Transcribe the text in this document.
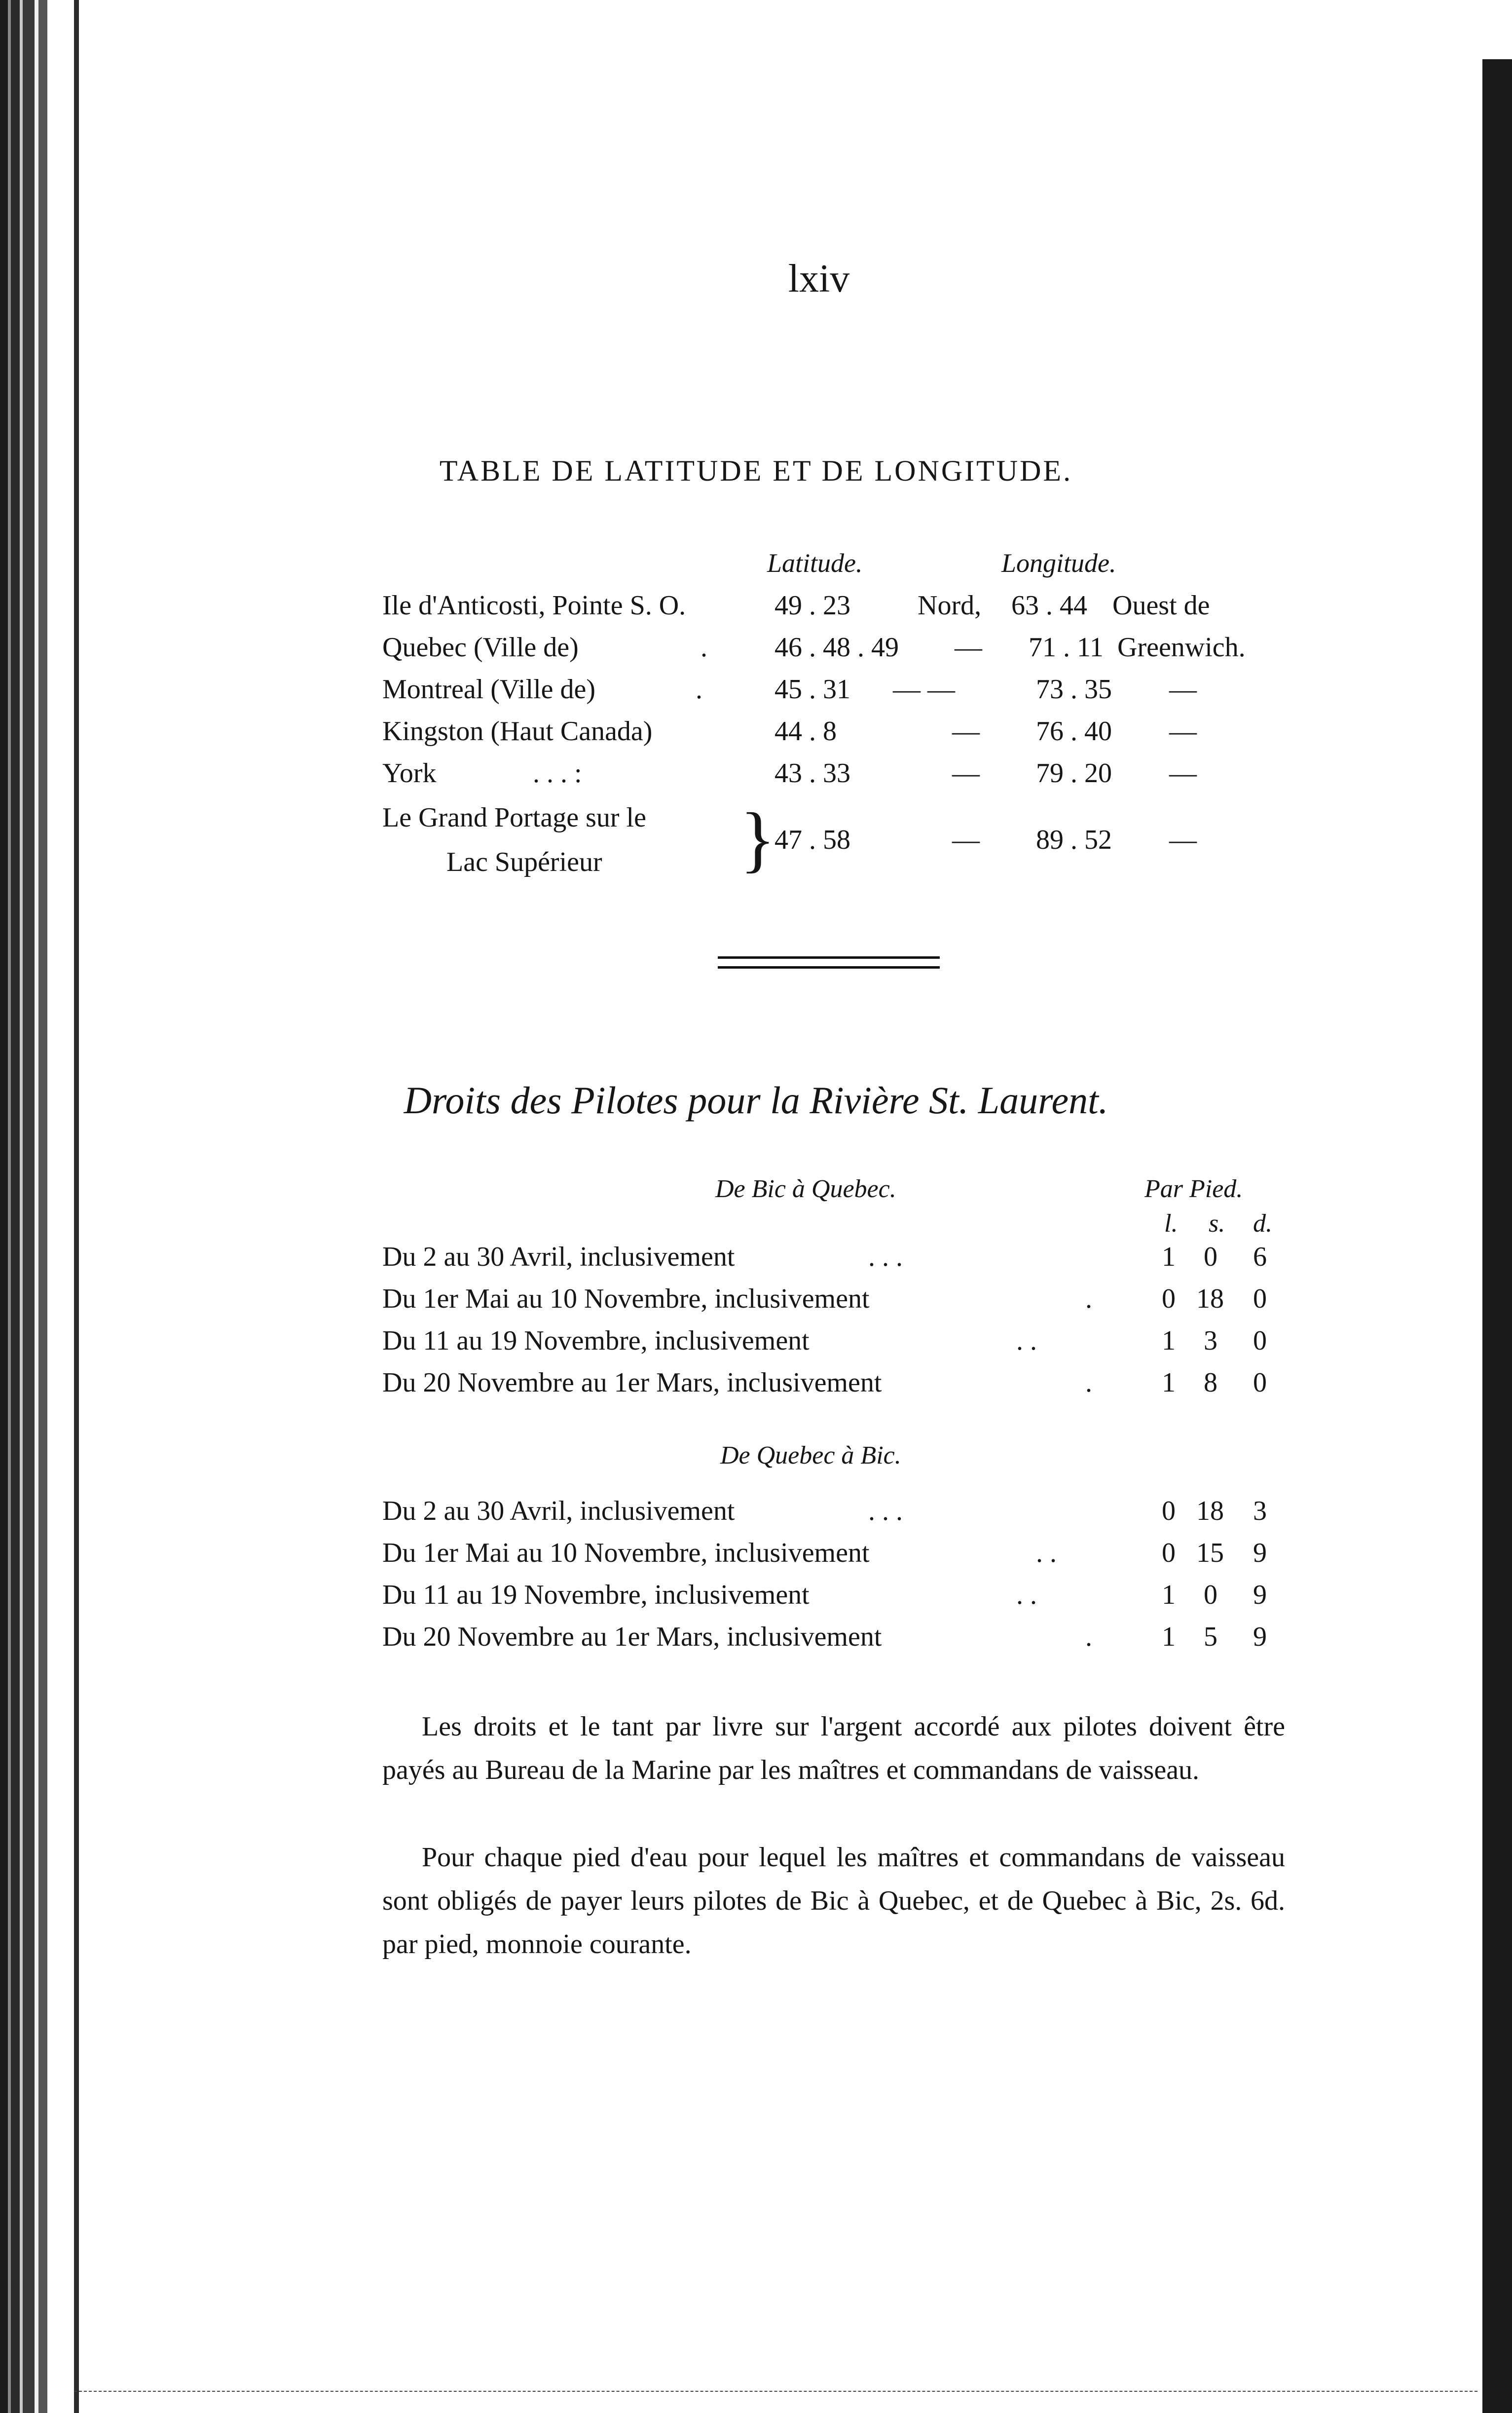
lxiv
TABLE DE LATITUDE ET DE LONGITUDE.
Latitude.	Longitude.
Ile d'Anticosti, Pointe S. O.	49 . 23 Nord, 63 . 44 Ouest de
Quebec (Ville de)	. 46 . 48 . 49 — 71 . 11 Greenwich.
Montreal (Ville de)	.	45 . 31 — —	73 . 35 —
Kingston (Haut Canada)	44 . 8	— 76 . 40 —
York	. . . :	43 . 33	— 79 . 20 —
Le Grand Portage sur le
Lac Supérieur }
47 . 58	— 89 . 52 —
Droits des Pilotes pour la Rivière St. Laurent.
De Bic à Quebec.	Par Pied.
l. s. d.
Du 2 au 30 Avril, inclusivement	. . .	1 0 6
Du 1er Mai au 10 Novembre, inclusivement	.	0 18 0
Du 11 au 19 Novembre, inclusivement	. .	1 3 0
Du 20 Novembre au 1er Mars, inclusivement	.	1 8 0
De Quebec à Bic.
Du 2 au 30 Avril, inclusivement	. . .	0 18 3
Du 1er Mai au 10 Novembre, inclusivement	. .	0 15 9
Du 11 au 19 Novembre, inclusivement	. .	1 0 9
Du 20 Novembre au 1er Mars, inclusivement	.	1 5 9
Les droits et le tant par livre sur l'argent accordé aux pilotes doivent être payés au Bureau de la Marine par les maîtres et commandans de vaisseau.
Pour chaque pied d'eau pour lequel les maîtres et commandans de vaisseau sont obligés de payer leurs pilotes de Bic à Quebec, et de Quebec à Bic, 2s. 6d. par pied, monnoie courante.
